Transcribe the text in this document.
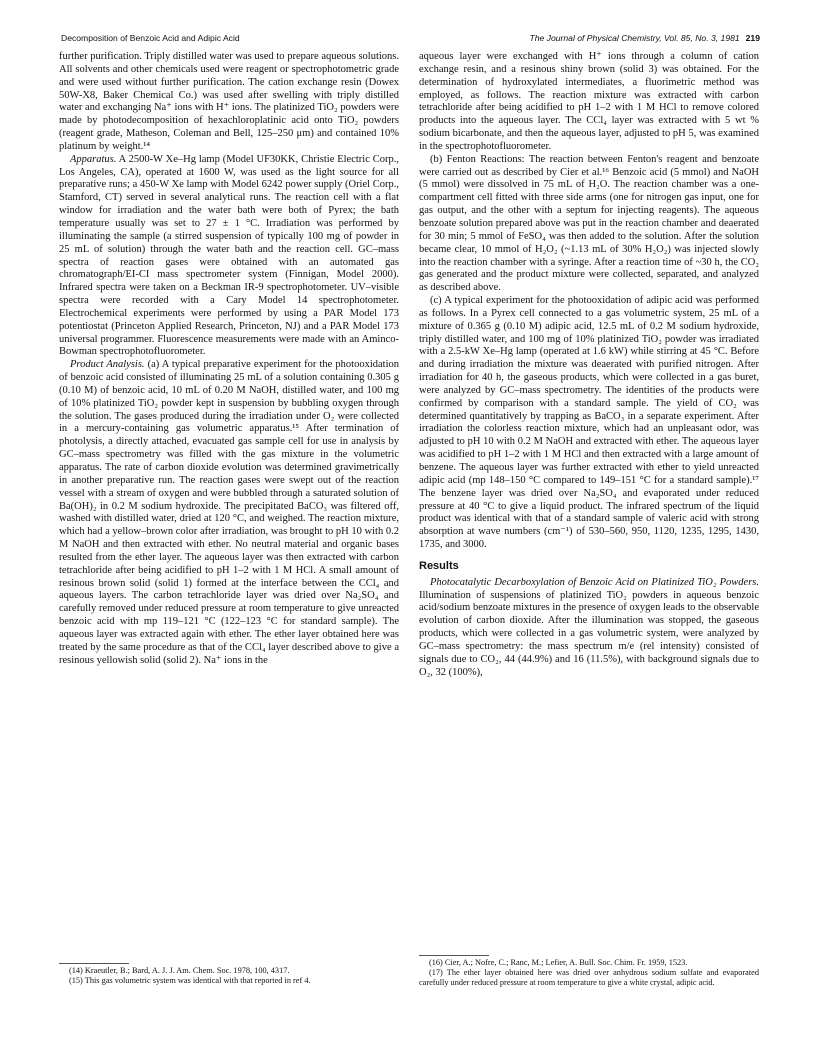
Decomposition of Benzoic Acid and Adipic Acid	The Journal of Physical Chemistry, Vol. 85, No. 3, 1981 219

further purification. Triply distilled water was used to prepare aqueous solutions. All solvents and other chemicals used were reagent or spectrophotometric grade and were used without further purification. The cation exchange resin (Dowex 50W-X8, Baker Chemical Co.) was used after swelling with triply distilled water and exchanging Na⁺ ions with H⁺ ions. The platinized TiO₂ powders were made by photodecomposition of hexachloroplatinic acid onto TiO₂ powders (reagent grade, Matheson, Coleman and Bell, 125–250 μm) and contained 10% platinum by weight.¹⁴

Apparatus. A 2500-W Xe–Hg lamp (Model UF30KK, Christie Electric Corp., Los Angeles, CA), operated at 1600 W, was used as the light source for all preparative runs; a 450-W Xe lamp with Model 6242 power supply (Oriel Corp., Stamford, CT) served in several analytical runs. The reaction cell with a flat window for irradiation and the water bath were both of Pyrex; the bath temperature usually was set to 27 ± 1 °C. Irradiation was performed by illuminating the sample (a stirred suspension of typically 100 mg of powder in 25 mL of solution) through the water bath and the reaction cell. GC–mass spectra of reaction gases were obtained with an automated gas chromatograph/EI-CI mass spectrometer system (Finnigan, Model 2000). Infrared spectra were taken on a Beckman IR-9 spectrophotometer. UV–visible spectra were recorded with a Cary Model 14 spectrophotometer. Electrochemical experiments were performed by using a PAR Model 173 potentiostat (Princeton Applied Research, Princeton, NJ) and a PAR Model 173 universal programmer. Fluorescence measurements were made with an Aminco-Bowman spectrophotofluorometer.

Product Analysis. (a) A typical preparative experiment for the photooxidation of benzoic acid consisted of illuminating 25 mL of a solution containing 0.305 g (0.10 M) of benzoic acid, 10 mL of 0.20 M NaOH, distilled water, and 100 mg of 10% platinized TiO₂ powder kept in suspension by bubbling oxygen through the solution. The gases produced during the irradiation under O₂ were collected in a mercury-containing gas volumetric apparatus.¹⁵ After termination of photolysis, a directly attached, evacuated gas sample cell for use in analysis by GC–mass spectrometry was filled with the gas mixture in the volumetric apparatus. The rate of carbon dioxide evolution was determined gravimetrically in another preparative run. The reaction gases were swept out of the reaction vessel with a stream of oxygen and were bubbled through a saturated solution of Ba(OH)₂ in 0.2 M sodium hydroxide. The precipitated BaCO₃ was filtered off, washed with distilled water, dried at 120 °C, and weighed. The reaction mixture, which had a yellow–brown color after irradiation, was brought to pH 10 with 0.2 M NaOH and then extracted with ether. No neutral material and organic bases resulted from the ether layer. The aqueous layer was then extracted with carbon tetrachloride after being acidified to pH 1–2 with 1 M HCl. A small amount of resinous brown solid (solid 1) formed at the interface between the CCl₄ and aqueous layers. The carbon tetrachloride layer was dried over Na₂SO₄ and carefully removed under reduced pressure at room temperature to give unreacted benzoic acid with mp 119–121 °C (122–123 °C for standard sample). The aqueous layer was extracted again with ether. The ether layer obtained here was treated by the same procedure as that of the CCl₄ layer described above to give a resinous yellowish solid (solid 2). Na⁺ ions in the

(14) Kraeutler, B.; Bard, A. J. J. Am. Chem. Soc. 1978, 100, 4317.

(15) This gas volumetric system was identical with that reported in ref 4.

aqueous layer were exchanged with H⁺ ions through a column of cation exchange resin, and a resinous shiny brown (solid 3) was obtained. For the determination of hydroxylated intermediates, a fluorimetric method was employed, as follows. The reaction mixture was extracted with carbon tetrachloride after being acidified to pH 1–2 with 1 M HCl to remove colored products into the aqueous layer. The CCl₄ layer was extracted with 5 wt % sodium bicarbonate, and then the aqueous layer, adjusted to pH 5, was examined in the spectrophotofluorometer.

(b) Fenton Reactions: The reaction between Fenton's reagent and benzoate were carried out as described by Cier et al.¹⁶ Benzoic acid (5 mmol) and NaOH (5 mmol) were dissolved in 75 mL of H₂O. The reaction chamber was a one-compartment cell fitted with three side arms (one for nitrogen gas input, one for gas output, and the other with a septum for injecting reagents). The aqueous benzoate solution prepared above was put in the reaction chamber and deaerated for 30 min; 5 mmol of FeSO₄ was then added to the solution. After the solution became clear, 10 mmol of H₂O₂ (~1.13 mL of 30% H₂O₂) was injected slowly into the reaction chamber with a syringe. After a reaction time of ~30 h, the CO₂ gas generated and the product mixture were collected, separated, and analyzed as described above.

(c) A typical experiment for the photooxidation of adipic acid was performed as follows. In a Pyrex cell connected to a gas volumetric system, 25 mL of a mixture of 0.365 g (0.10 M) adipic acid, 12.5 mL of 0.2 M sodium hydroxide, triply distilled water, and 100 mg of 10% platinized TiO₂ powder was irradiated with a 2.5-kW Xe–Hg lamp (operated at 1.6 kW) while stirring at 45 °C. Before and during irradiation the mixture was deaerated with purified nitrogen. After irradiation for 40 h, the gaseous products, which were collected in a gas buret, were analyzed by GC–mass spectrometry. The identities of the products were confirmed by comparison with a standard sample. The yield of CO₂ was determined quantitatively by trapping as BaCO₃ in a separate experiment. After irradiation the colorless reaction mixture, which had an unpleasant odor, was adjusted to pH 10 with 0.2 M NaOH and extracted with ether. The aqueous layer was acidified to pH 1–2 with 1 M HCl and then extracted with a large amount of benzene. The aqueous layer was further extracted with ether to yield unreacted adipic acid (mp 148–150 °C compared to 149–151 °C for a standard sample).¹⁷ The benzene layer was dried over Na₂SO₄ and evaporated under reduced pressure at 40 °C to give a liquid product. The infrared spectrum of the liquid product was identical with that of a standard sample of valeric acid with strong absorption at wave numbers (cm⁻¹) of 530–560, 950, 1120, 1235, 1295, 1430, 1735, and 3000.

Results

Photocatalytic Decarboxylation of Benzoic Acid on Platinized TiO₂ Powders. Illumination of suspensions of platinized TiO₂ powders in aqueous benzoic acid/sodium benzoate mixtures in the presence of oxygen leads to the observable evolution of carbon dioxide. After the illumination was stopped, the gaseous products, which were collected in a gas volumetric system, were analyzed by GC–mass spectrometry: the mass spectrum m/e (rel intensity) consisted of signals due to CO₂, 44 (44.9%) and 16 (11.5%), with background signals due to O₂, 32 (100%),

(16) Cier, A.; Nofre, C.; Ranc, M.; Lefier, A. Bull. Soc. Chim. Fr. 1959, 1523.

(17) The ether layer obtained here was dried over anhydrous sodium sulfate and evaporated carefully under reduced pressure at room temperature to give a white crystal, adipic acid.
